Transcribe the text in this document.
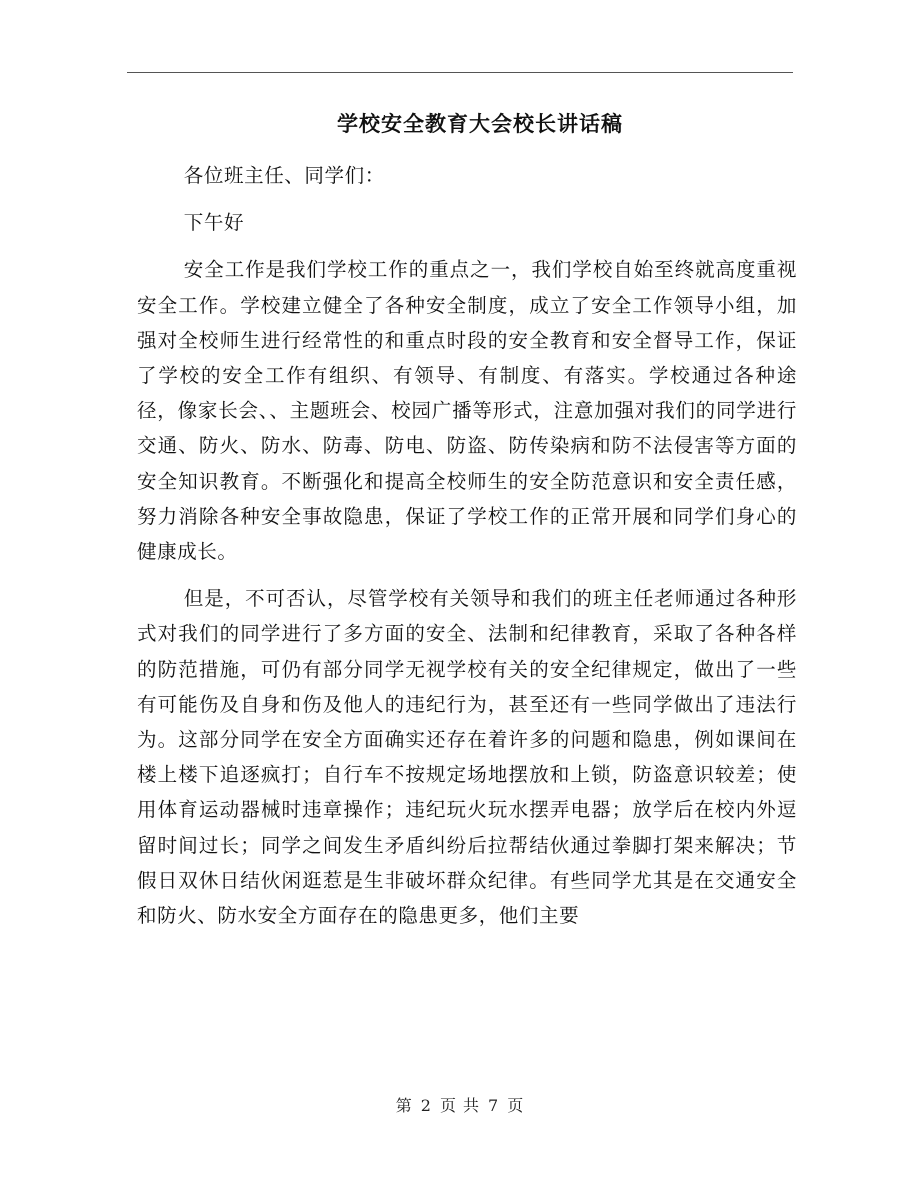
学校安全教育大会校长讲话稿

各位班主任、同学们：

下午好

安全工作是我们学校工作的重点之一，我们学校自始至终就高度重视安全工作。学校建立健全了各种安全制度，成立了安全工作领导小组，加强对全校师生进行经常性的和重点时段的安全教育和安全督导工作，保证了学校的安全工作有组织、有领导、有制度、有落实。学校通过各种途径，像家长会、、主题班会、校园广播等形式，注意加强对我们的同学进行交通、防火、防水、防毒、防电、防盗、防传染病和防不法侵害等方面的安全知识教育。不断强化和提高全校师生的安全防范意识和安全责任感，努力消除各种安全事故隐患，保证了学校工作的正常开展和同学们身心的健康成长。

但是，不可否认，尽管学校有关领导和我们的班主任老师通过各种形式对我们的同学进行了多方面的安全、法制和纪律教育，采取了各种各样的防范措施，可仍有部分同学无视学校有关的安全纪律规定，做出了一些有可能伤及自身和伤及他人的违纪行为，甚至还有一些同学做出了违法行为。这部分同学在安全方面确实还存在着许多的问题和隐患，例如课间在楼上楼下追逐疯打；自行车不按规定场地摆放和上锁，防盗意识较差；使用体育运动器械时违章操作；违纪玩火玩水摆弄电器；放学后在校内外逗留时间过长；同学之间发生矛盾纠纷后拉帮结伙通过拳脚打架来解决；节假日双休日结伙闲逛惹是生非破坏群众纪律。有些同学尤其是在交通安全和防火、防水安全方面存在的隐患更多，他们主要

第 2 页 共 7 页
